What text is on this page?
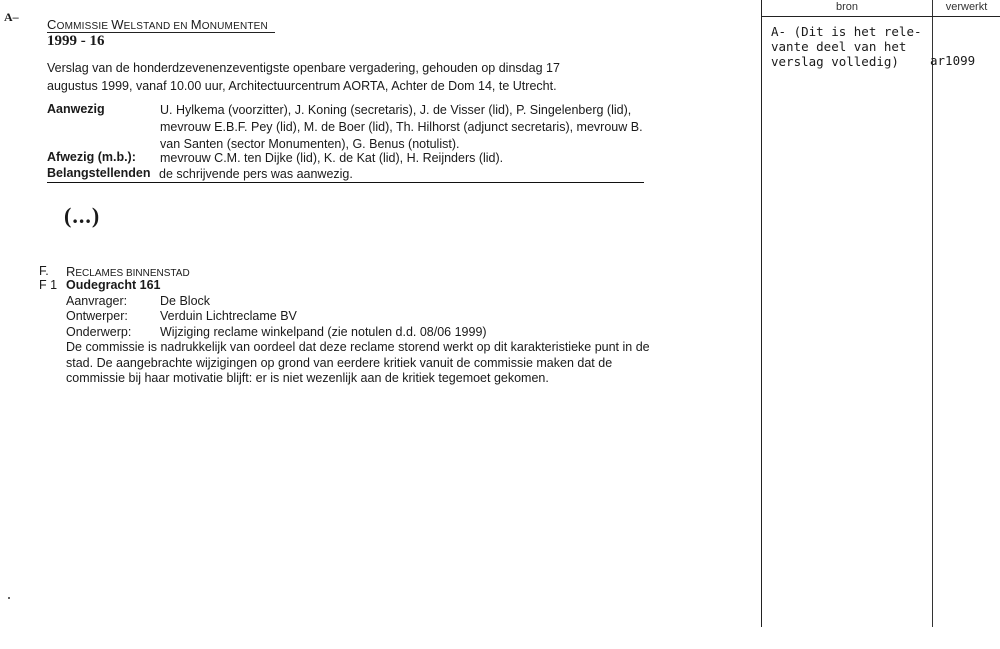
A– COMMISSIE WELSTAND EN MONUMENTEN
1999 - 16
Verslag van de honderdzevenenzeventigste openbare vergadering, gehouden op dinsdag 17 augustus 1999, vanaf 10.00 uur, Architectuurcentrum AORTA, Achter de Dom 14, te Utrecht.
Aanwezig	U. Hylkema (voorzitter), J. Koning (secretaris), J. de Visser (lid), P. Singelenberg (lid), mevrouw E.B.F. Pey (lid), M. de Boer (lid), Th. Hilhorst (adjunct secretaris), mevrouw B. van Santen (sector Monumenten), G. Benus (notulist).
Afwezig (m.b.): mevrouw C.M. ten Dijke (lid), K. de Kat (lid), H. Reijnders (lid).
Belangstellenden de schrijvende pers was aanwezig.
(...)
F. RECLAMES BINNENSTAD
F 1 Oudegracht 161
Aanvrager:	De Block
Ontwerper:	Verduin Lichtreclame BV
Onderwerp: Wijziging reclame winkelpand (zie notulen d.d. 08/06 1999)
De commissie is nadrukkelijk van oordeel dat deze reclame storend werkt op dit karakteristieke punt in de stad. De aangebrachte wijzigingen op grond van eerdere kritiek vanuit de commissie maken dat de commissie bij haar motivatie blijft: er is niet wezenlijk aan de kritiek tegemoet gekomen.
bron	verwerkt
A- (Dit is het rele-
vante deel van het
verslag volledig)	ar1099
